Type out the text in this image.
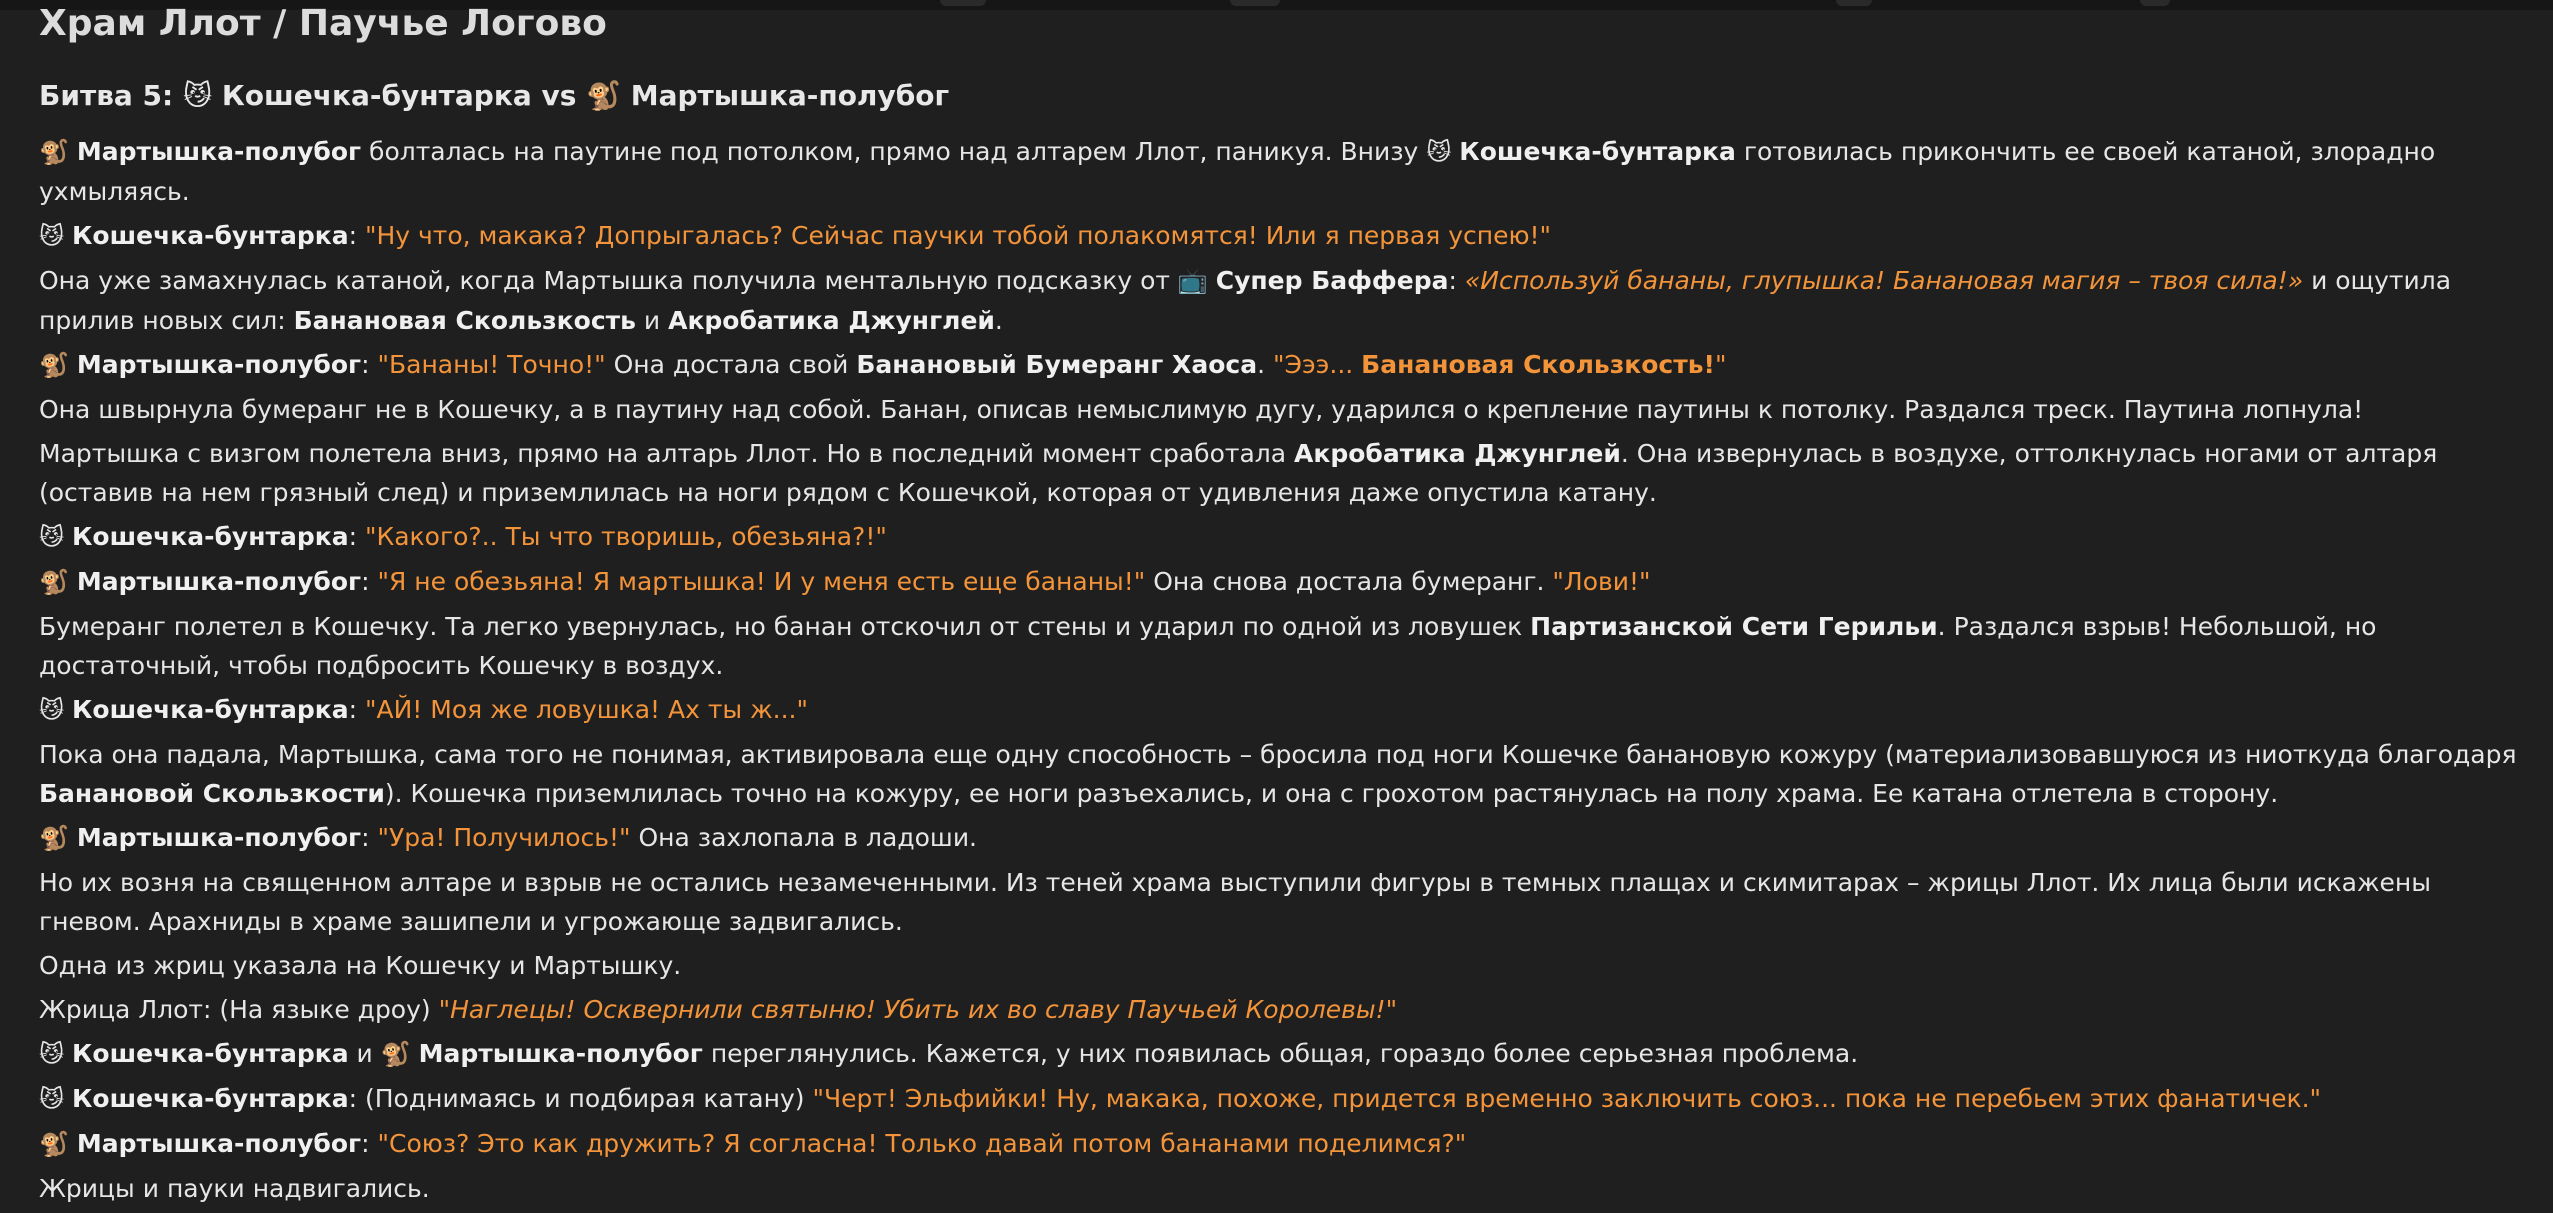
Храм Ллот / Паучье Логово
Битва 5: 😼 Кошечка-бунтарка vs 🐒 Мартышка-полубог
🐒 Мартышка-полубог болталась на паутине под потолком, прямо над алтарем Ллот, паникуя. Внизу 😼 Кошечка-бунтарка готовилась прикончить ее своей катаной, злорадно ухмыляясь.
😼 Кошечка-бунтарка: "Ну что, макака? Допрыгалась? Сейчас паучки тобой полакомятся! Или я первая успею!"
Она уже замахнулась катаной, когда Мартышка получила ментальную подсказку от 📺 Супер Баффера: «Используй бананы, глупышка! Банановая магия – твоя сила!» и ощутила прилив новых сил: Банановая Скользкость и Акробатика Джунглей.
🐒 Мартышка-полубог: "Бананы! Точно!" Она достала свой Банановый Бумеранг Хаоса. "Эээ... Банановая Скользкость!"
Она швырнула бумеранг не в Кошечку, а в паутину над собой. Банан, описав немыслимую дугу, ударился о крепление паутины к потолку. Раздался треск. Паутина лопнула!
Мартышка с визгом полетела вниз, прямо на алтарь Ллот. Но в последний момент сработала Акробатика Джунглей. Она извернулась в воздухе, оттолкнулась ногами от алтаря (оставив на нем грязный след) и приземлилась на ноги рядом с Кошечкой, которая от удивления даже опустила катану.
😼 Кошечка-бунтарка: "Какого?.. Ты что творишь, обезьяна?!"
🐒 Мартышка-полубог: "Я не обезьяна! Я мартышка! И у меня есть еще бананы!" Она снова достала бумеранг. "Лови!"
Бумеранг полетел в Кошечку. Та легко увернулась, но банан отскочил от стены и ударил по одной из ловушек Партизанской Сети Герильи. Раздался взрыв! Небольшой, но достаточный, чтобы подбросить Кошечку в воздух.
😼 Кошечка-бунтарка: "АЙ! Моя же ловушка! Ах ты ж..."
Пока она падала, Мартышка, сама того не понимая, активировала еще одну способность – бросила под ноги Кошечке банановую кожуру (материализовавшуюся из ниоткуда благодаря Банановой Скользкости). Кошечка приземлилась точно на кожуру, ее ноги разъехались, и она с грохотом растянулась на полу храма. Ее катана отлетела в сторону.
🐒 Мартышка-полубог: "Ура! Получилось!" Она захлопала в ладоши.
Но их возня на священном алтаре и взрыв не остались незамеченными. Из теней храма выступили фигуры в темных плащах и скимитарах – жрицы Ллот. Их лица были искажены гневом. Арахниды в храме зашипели и угрожающе задвигались.
Одна из жриц указала на Кошечку и Мартышку.
Жрица Ллот: (На языке дроу) "Наглецы! Осквернили святыню! Убить их во славу Паучьей Королевы!"
😼 Кошечка-бунтарка и 🐒 Мартышка-полубог переглянулись. Кажется, у них появилась общая, гораздо более серьезная проблема.
😼 Кошечка-бунтарка: (Поднимаясь и подбирая катану) "Черт! Эльфийки! Ну, макака, похоже, придется временно заключить союз... пока не перебьем этих фанатичек."
🐒 Мартышка-полубог: "Союз? Это как дружить? Я согласна! Только давай потом бананами поделимся?"
Жрицы и пауки надвигались.
